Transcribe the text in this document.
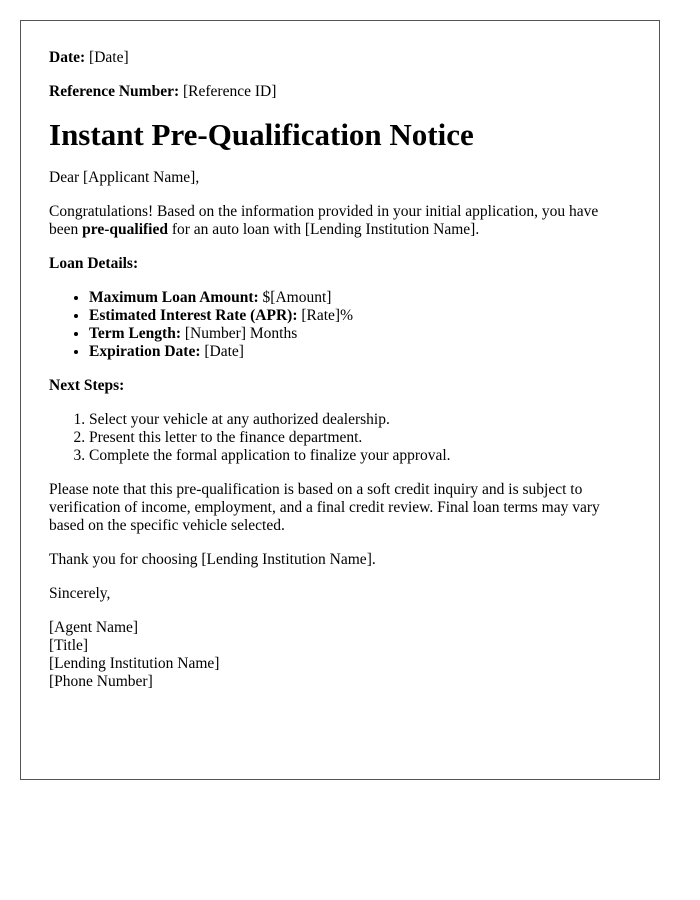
Date: [Date]

Reference Number: [Reference ID]

Instant Pre-Qualification Notice

Dear [Applicant Name],

Congratulations! Based on the information provided in your initial application, you have been pre-qualified for an auto loan with [Lending Institution Name].

Loan Details:

• Maximum Loan Amount: $[Amount]
• Estimated Interest Rate (APR): [Rate]%
• Term Length: [Number] Months
• Expiration Date: [Date]

Next Steps:

1. Select your vehicle at any authorized dealership.
2. Present this letter to the finance department.
3. Complete the formal application to finalize your approval.

Please note that this pre-qualification is based on a soft credit inquiry and is subject to verification of income, employment, and a final credit review. Final loan terms may vary based on the specific vehicle selected.

Thank you for choosing [Lending Institution Name].

Sincerely,

[Agent Name]

[Title]

[Lending Institution Name]

[Phone Number]
